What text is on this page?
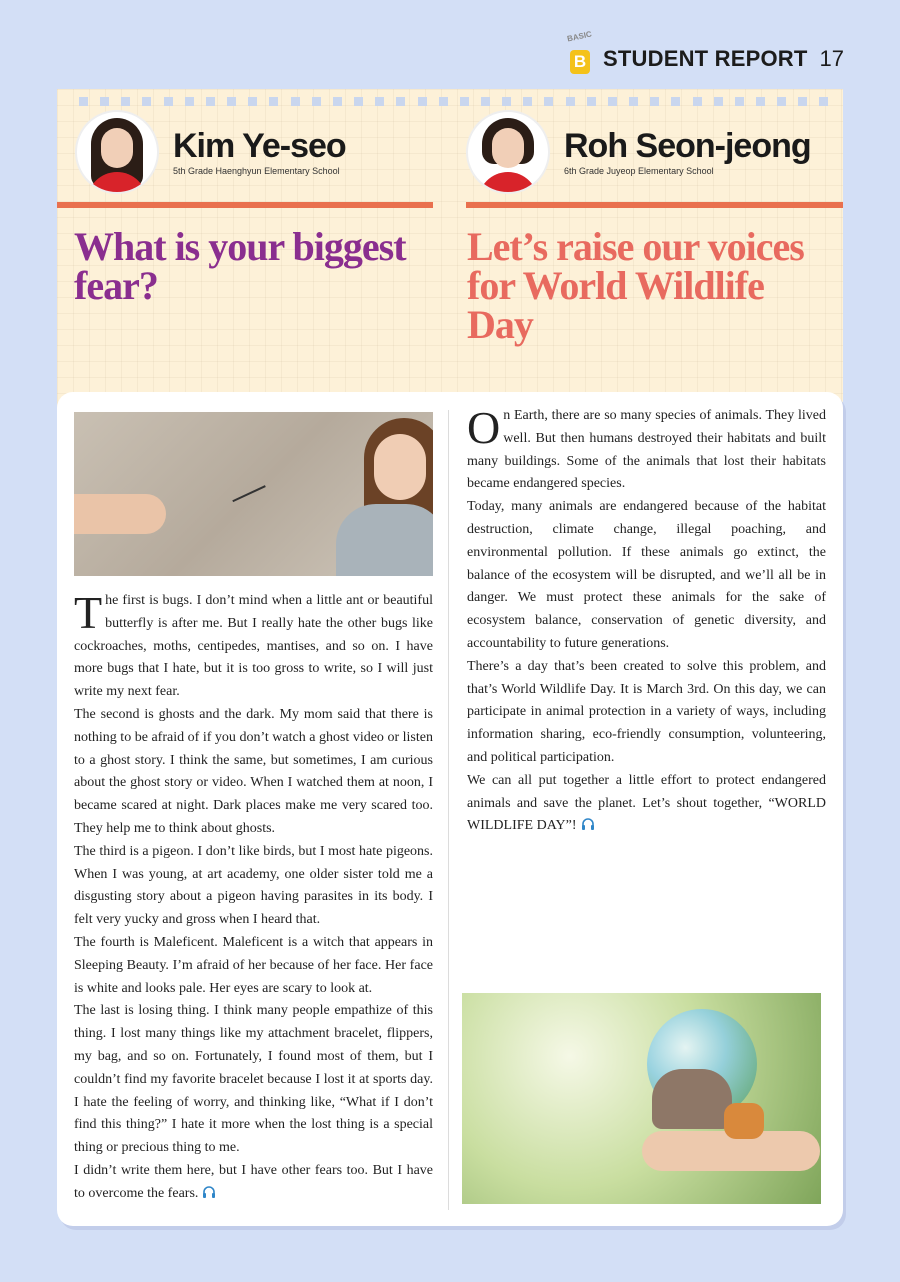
BASIC
B STUDENT REPORT 17
Kim Ye-seo
5th Grade Haenghyun Elementary School
Roh Seon-jeong
6th Grade Juyeop Elementary School
What is your biggest fear?
Let’s raise our voices for World Wildlife Day

The first is bugs. I don’t mind when a little ant or beautiful butterfly is after me. But I really hate the other bugs like cockroaches, moths, centipedes, mantises, and so on. I have more bugs that I hate, but it is too gross to write, so I will just write my next fear.

The second is ghosts and the dark. My mom said that there is nothing to be afraid of if you don’t watch a ghost video or listen to a ghost story. I think the same, but sometimes, I am curious about the ghost story or video. When I watched them at noon, I became scared at night. Dark places make me very scared too. They help me to think about ghosts.

The third is a pigeon. I don’t like birds, but I most hate pigeons. When I was young, at art academy, one older sister told me a disgusting story about a pigeon having parasites in its body. I felt very yucky and gross when I heard that.

The fourth is Maleficent. Maleficent is a witch that appears in Sleeping Beauty. I’m afraid of her because of her face. Her face is white and looks pale. Her eyes are scary to look at.

The last is losing thing. I think many people empathize of this thing. I lost many things like my attachment bracelet, flippers, my bag, and so on. Fortunately, I found most of them, but I couldn’t find my favorite bracelet because I lost it at sports day. I hate the feeling of worry, and thinking like, “What if I don’t find this thing?” I hate it more when the lost thing is a special thing or precious thing to me.

I didn’t write them here, but I have other fears too. But I have to overcome the fears.

On Earth, there are so many species of animals. They lived well. But then humans destroyed their habitats and built many buildings. Some of the animals that lost their habitats became endangered species.

Today, many animals are endangered because of the habitat destruction, climate change, illegal poaching, and environmental pollution. If these animals go extinct, the balance of the ecosystem will be disrupted, and we’ll all be in danger. We must protect these animals for the sake of ecosystem balance, conservation of genetic diversity, and accountability to future generations.

There’s a day that’s been created to solve this problem, and that’s World Wildlife Day. It is March 3rd. On this day, we can participate in animal protection in a variety of ways, including information sharing, eco-friendly consumption, volunteering, and political participation.

We can all put together a little effort to protect endangered animals and save the planet. Let’s shout together, “WORLD WILDLIFE DAY”!
